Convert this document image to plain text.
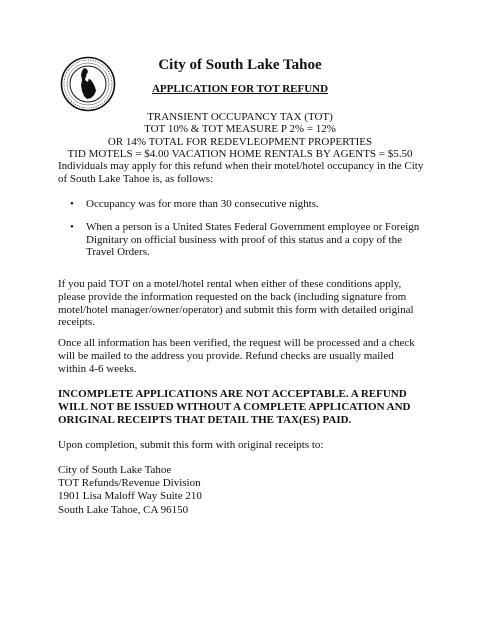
City of South Lake Tahoe
APPLICATION FOR TOT REFUND
TRANSIENT OCCUPANCY TAX (TOT)
TOT 10% & TOT MEASURE P 2% = 12%
OR 14% TOTAL FOR REDEVLEOPMENT PROPERTIES
TID MOTELS = $4.00 VACATION HOME RENTALS BY AGENTS = $5.50
Individuals may apply for this refund when their motel/hotel occupancy in the City of South Lake Tahoe is, as follows:
• Occupancy was for more than 30 consecutive nights.
• When a person is a United States Federal Government employee or Foreign Dignitary on official business with proof of this status and a copy of the Travel Orders.
If you paid TOT on a motel/hotel rental when either of these conditions apply, please provide the information requested on the back (including signature from motel/hotel manager/owner/operator) and submit this form with detailed original receipts.
Once all information has been verified, the request will be processed and a check will be mailed to the address you provide. Refund checks are usually mailed within 4-6 weeks.
INCOMPLETE APPLICATIONS ARE NOT ACCEPTABLE. A REFUND WILL NOT BE ISSUED WITHOUT A COMPLETE APPLICATION AND ORIGINAL RECEIPTS THAT DETAIL THE TAX(ES) PAID.
Upon completion, submit this form with original receipts to:
City of South Lake Tahoe
TOT Refunds/Revenue Division
1901 Lisa Maloff Way Suite 210
South Lake Tahoe, CA 96150
